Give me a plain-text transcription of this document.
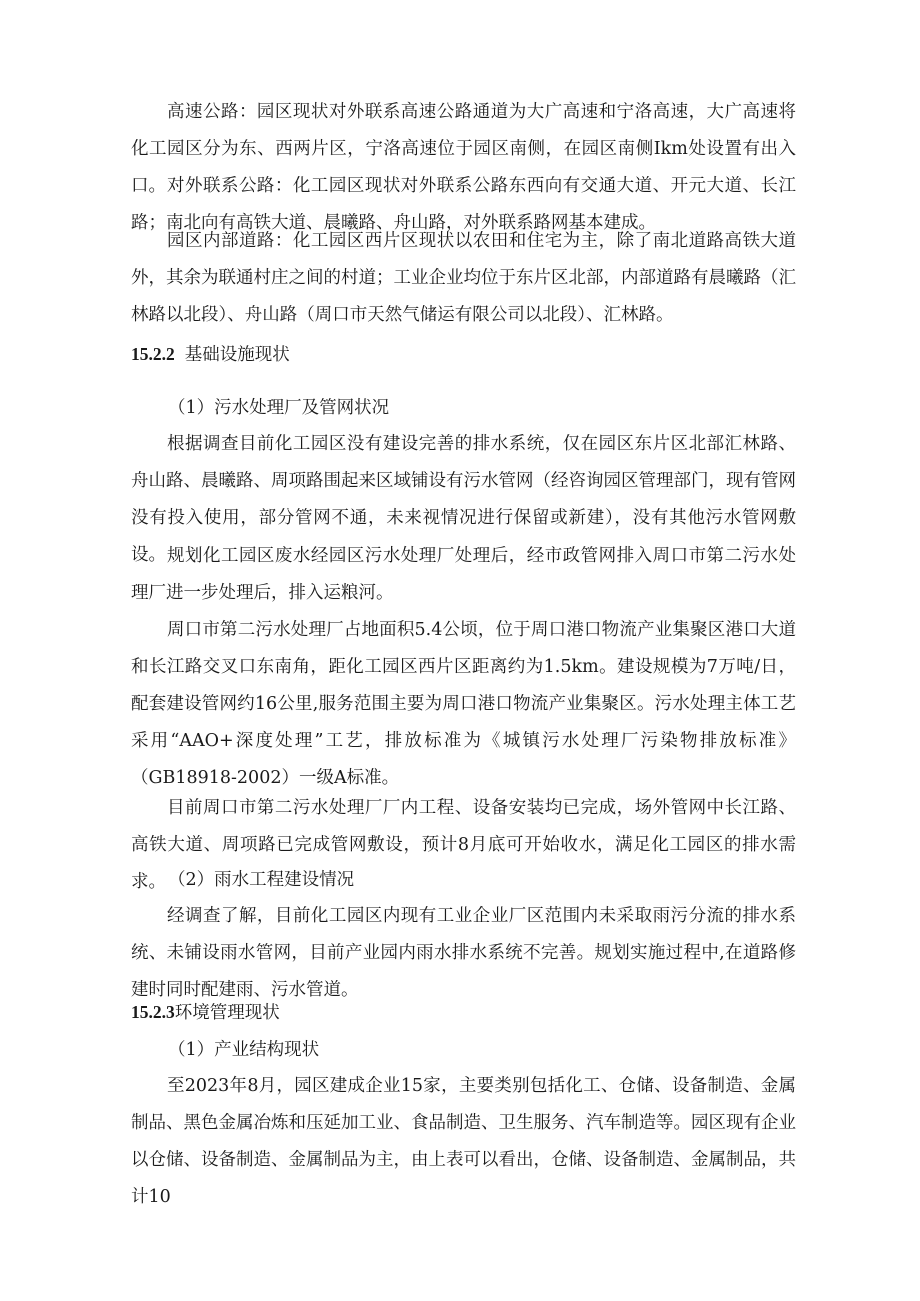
高速公路：园区现状对外联系高速公路通道为大广高速和宁洛高速，大广高速将化工园区分为东、西两片区，宁洛高速位于园区南侧，在园区南侧Ikm处设置有出入口。 对外联系公路：化工园区现状对外联系公路东西向有交通大道、开元大道、长江路；南北向有高铁大道、晨曦路、舟山路，对外联系路网基本建成。

园区内部道路：化工园区西片区现状以农田和住宅为主，除了南北道路高铁大道外，其余为联通村庄之间的村道；工业企业均位于东片区北部，内部道路有晨曦路（汇林路以北段）、舟山路（周口市天然气储运有限公司以北段）、汇林路。

15.2.2 基础设施现状

（1）污水处理厂及管网状况

根据调查目前化工园区没有建设完善的排水系统，仅在园区东片区北部汇林路、舟山路、晨曦路、周项路围起来区域铺设有污水管网（经咨询园区管理部门，现有管网没有投入使用，部分管网不通，未来视情况进行保留或新建），没有其他污水管网敷设。 规划化工园区废水经园区污水处理厂处理后，经市政管网排入周口市第二污水处理厂进一步处理后，排入运粮河。

周口市第二污水处理厂占地面积5.4公顷，位于周口港口物流产业集聚区港口大道和长江路交叉口东南角，距化工园区西片区距离约为1.5km。建设规模为7万吨/日，配套建设管网约16公里,服务范围主要为周口港口物流产业集聚区。污水处理主体工艺采用“AAO+深度处理”工艺，排放标准为《城镇污水处理厂污染物排放标准》（GB18918-2002）一级A标准。

目前周口市第二污水处理厂厂内工程、设备安装均已完成，场外管网中长江路、高铁大道、周项路已完成管网敷设，预计8月底可开始收水，满足化工园区的排水需求。 （2）雨水工程建设情况

经调查了解，目前化工园区内现有工业企业厂区范围内未采取雨污分流的排水系统、未铺设雨水管网，目前产业园内雨水排水系统不完善。规划实施过程中,在道路修建时同时配建雨、污水管道。

15.2.3环境管理现状

（1）产业结构现状

至2023年8月，园区建成企业15家，主要类别包括化工、仓储、设备制造、金属制品、黑色金属冶炼和压延加工业、食品制造、卫生服务、汽车制造等。园区现有企业以仓储、设备制造、金属制品为主，由上表可以看出，仓储、设备制造、金属制品，共计10
